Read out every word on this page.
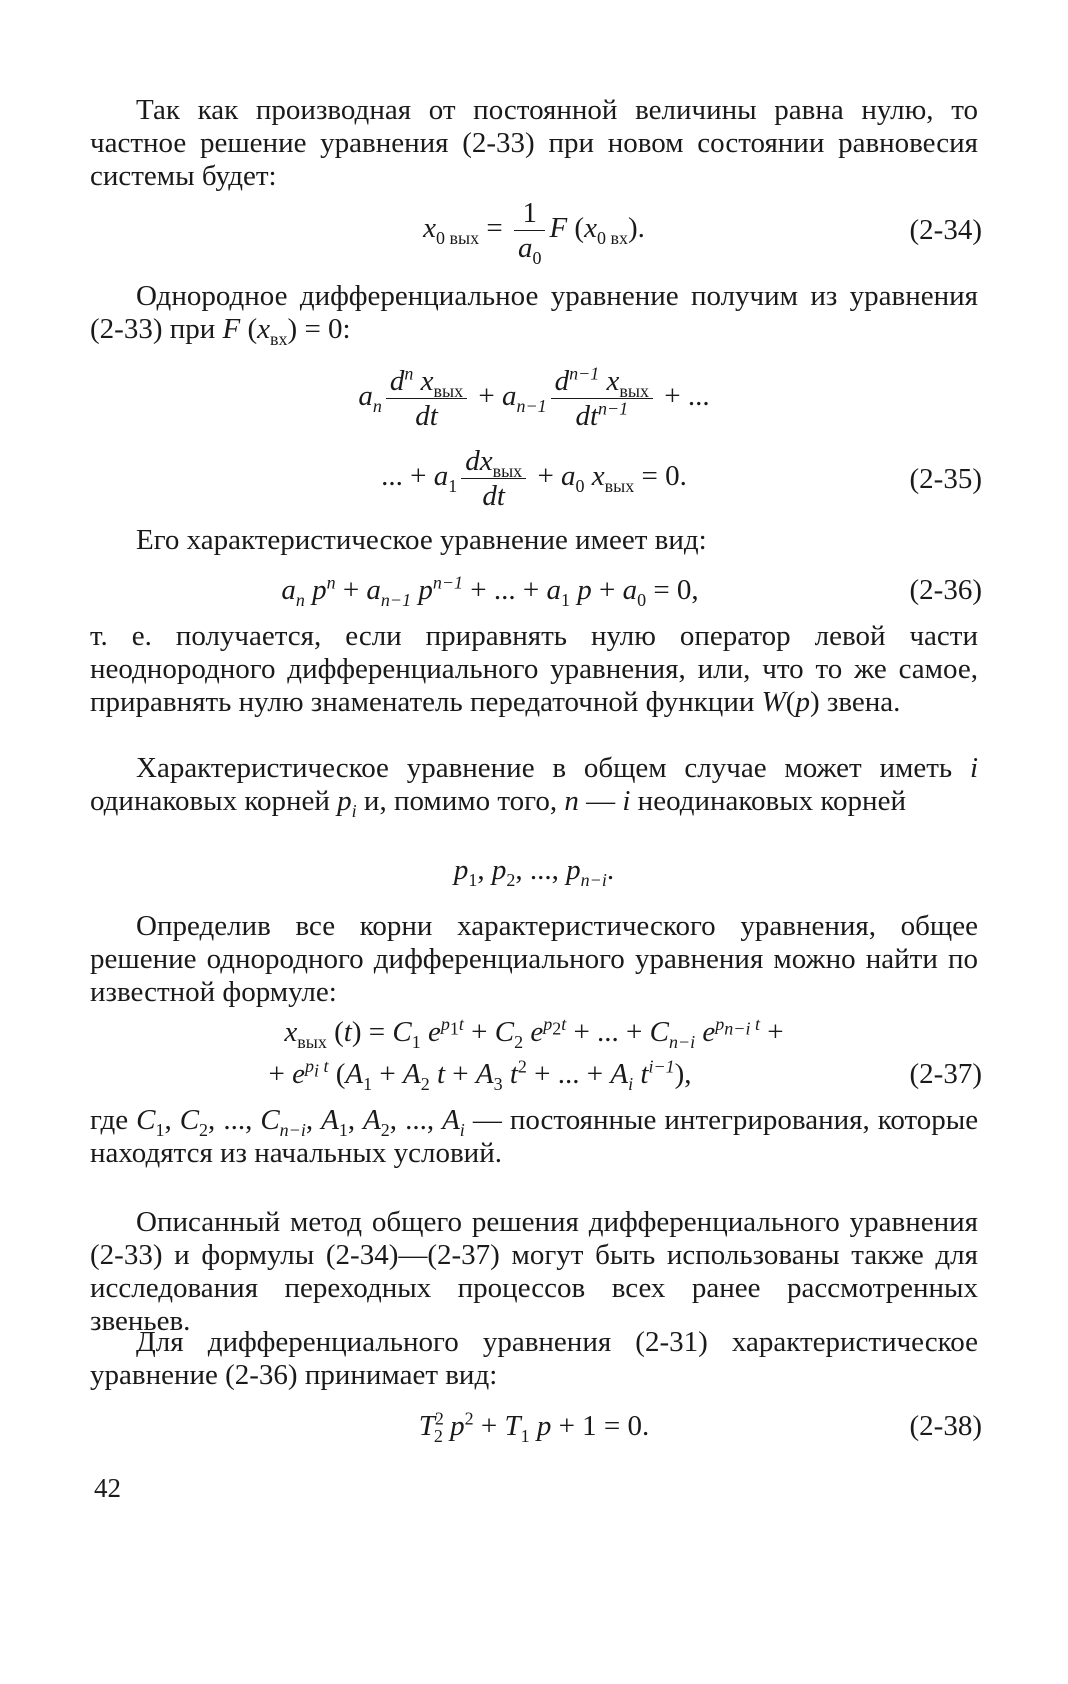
Так как производная от постоянной величины равна нулю, то частное решение уравнения (2-33) при новом состоянии равновесия системы будет:
$x_{0 вых} = \frac{1}{a_0}$ F $(x_{0 вх})$.	(2-34)
Однородное дифференциальное уравнение получим из уравнения (2-33) при F $(x_{вх}) = 0$:
$a_n \frac{d^n x_{вых}}{dt} + a_{n-1} \frac{d^{n-1} x_{вых}}{dt^{n-1}}$ + ...
... + $a_1 \frac{dx_{вых}}{dt} + a_0$ $x_{вых} = 0$.	(2-35)
Его характеристическое уравнение имеет вид:
$a_n$ $p^n + a_{n-1}$ $p^{n-1}$ + ... + $a_1$ $p + a_0 = 0$,	(2-36)
т. е. получается, если приравнять нулю оператор левой части неоднородного дифференциального уравнения, или, что то же самое, приравнять нулю знаменатель передаточной функции W(p) звена.
Характеристическое уравнение в общем случае может иметь i одинаковых корней $p_i$ и, помимо того, n — i неодинаковых корней
$p_1$, $p_2$, ..., $p_{n-i}$.
Определив все корни характеристического уравнения, общее решение однородного дифференциального уравнения можно найти по известной формуле:
$x_{вых}$ $(t) = C_1$ $e^{p_1t} + C_2$ $e^{p_2t}$ + ... + $C_{n-i}$ $e^{p_{n-i} t}$ +
+ $e^{p_i t}$ ($A_1 + A_2$ $t + A_3$ $t^2$ + ... + $A_i$ $t^{i-1}$),	(2-37)
где $C_1$, $C_2$, ..., $C_{n-i}$, $A_1$, $A_2$, ..., $A_i$ — постоянные интегрирования, которые находятся из начальных условий.
Описанный метод общего решения дифференциального уравнения (2-33) и формулы (2-34)—(2-37) могут быть использованы также для исследования переходных процессов всех ранее рассмотренных звеньев.
Для дифференциального уравнения (2-31) характеристическое уравнение (2-36) принимает вид:
$T^2_2$ $p^2 + T_1$ p + 1 = 0.	(2-38)
42
